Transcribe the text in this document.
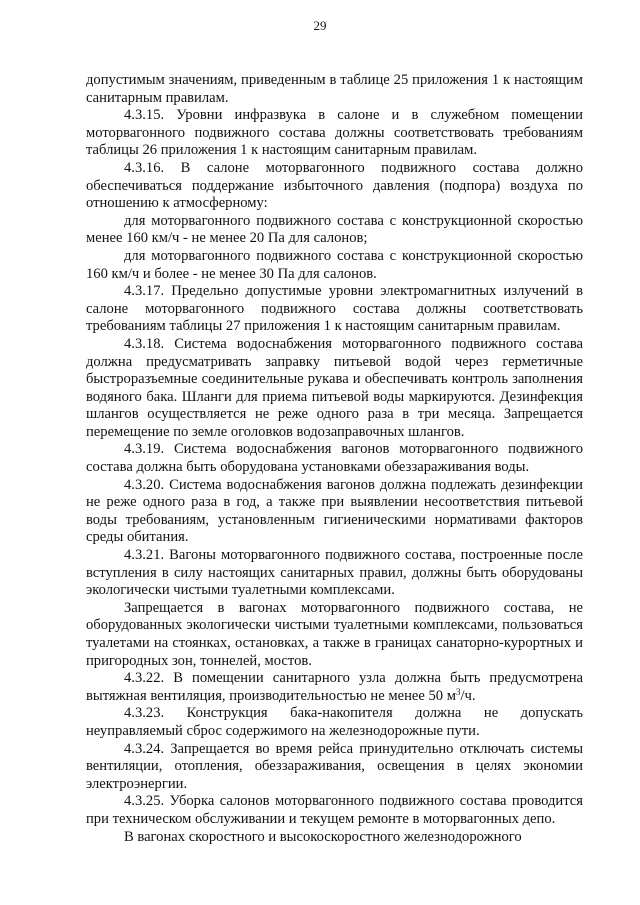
29

допустимым значениям, приведенным в таблице 25 приложения 1 к настоящим санитарным правилам.

4.3.15. Уровни инфразвука в салоне и в служебном помещении моторвагонного подвижного состава должны соответствовать требованиям таблицы 26 приложения 1 к настоящим санитарным правилам.

4.3.16. В салоне моторвагонного подвижного состава должно обеспечиваться поддержание избыточного давления (подпора) воздуха по отношению к атмосферному:

для моторвагонного подвижного состава с конструкционной скоростью менее 160 км/ч - не менее 20 Па для салонов;

для моторвагонного подвижного состава с конструкционной скоростью 160 км/ч и более - не менее 30 Па для салонов.

4.3.17. Предельно допустимые уровни электромагнитных излучений в салоне моторвагонного подвижного состава должны соответствовать требованиям таблицы 27 приложения 1 к настоящим санитарным правилам.

4.3.18. Система водоснабжения моторвагонного подвижного состава должна предусматривать заправку питьевой водой через герметичные быстроразъемные соединительные рукава и обеспечивать контроль заполнения водяного бака. Шланги для приема питьевой воды маркируются. Дезинфекция шлангов осуществляется не реже одного раза в три месяца. Запрещается перемещение по земле оголовков водозаправочных шлангов.

4.3.19. Система водоснабжения вагонов моторвагонного подвижного состава должна быть оборудована установками обеззараживания воды.

4.3.20. Система водоснабжения вагонов должна подлежать дезинфекции не реже одного раза в год, а также при выявлении несоответствия питьевой воды требованиям, установленным гигиеническими нормативами факторов среды обитания.

4.3.21. Вагоны моторвагонного подвижного состава, построенные после вступления в силу настоящих санитарных правил, должны быть оборудованы экологически чистыми туалетными комплексами.

Запрещается в вагонах моторвагонного подвижного состава, не оборудованных экологически чистыми туалетными комплексами, пользоваться туалетами на стоянках, остановках, а также в границах санаторно-курортных и пригородных зон, тоннелей, мостов.

4.3.22. В помещении санитарного узла должна быть предусмотрена вытяжная вентиляция, производительностью не менее 50 $м^3/ч$.

4.3.23. Конструкция бака-накопителя должна не допускать неуправляемый сброс содержимого на железнодорожные пути.

4.3.24. Запрещается во время рейса принудительно отключать системы вентиляции, отопления, обеззараживания, освещения в целях экономии электроэнергии.

4.3.25. Уборка салонов моторвагонного подвижного состава проводится при техническом обслуживании и текущем ремонте в моторвагонных депо.

В вагонах скоростного и высокоскоростного железнодорожного
